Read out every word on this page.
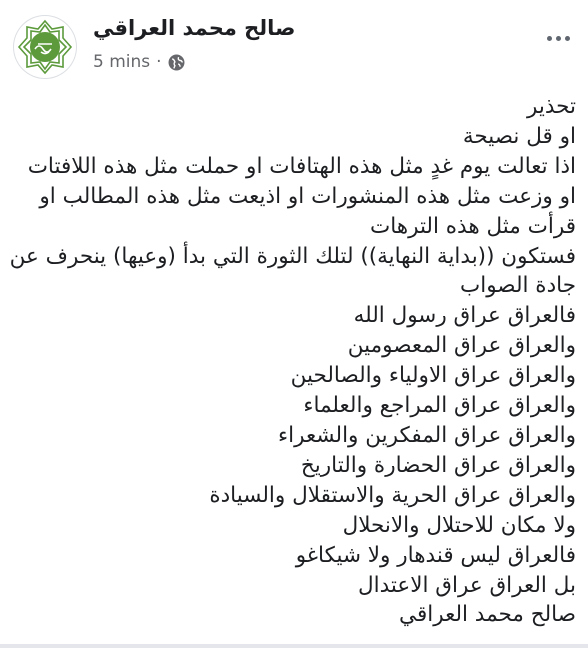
صالح محمد العراقي
5 mins ·
تحذير
او قل نصيحة
اذا تعالت يوم غدٍ مثل هذه الهتافات او حملت مثل هذه اللافتات
او وزعت مثل هذه المنشورات او اذيعت مثل هذه المطالب او
قرأت مثل هذه الترهات
فستكون ((بداية النهاية)) لتلك الثورة التي بدأ (وعيها) ينحرف عن
جادة الصواب
فالعراق عراق رسول الله
والعراق عراق المعصومين
والعراق عراق الاولياء والصالحين
والعراق عراق المراجع والعلماء
والعراق عراق المفكرين والشعراء
والعراق عراق الحضارة والتاريخ
والعراق عراق الحرية والاستقلال والسيادة
ولا مكان للاحتلال والانحلال
فالعراق ليس قندهار ولا شيكاغو
بل العراق عراق الاعتدال
صالح محمد العراقي
